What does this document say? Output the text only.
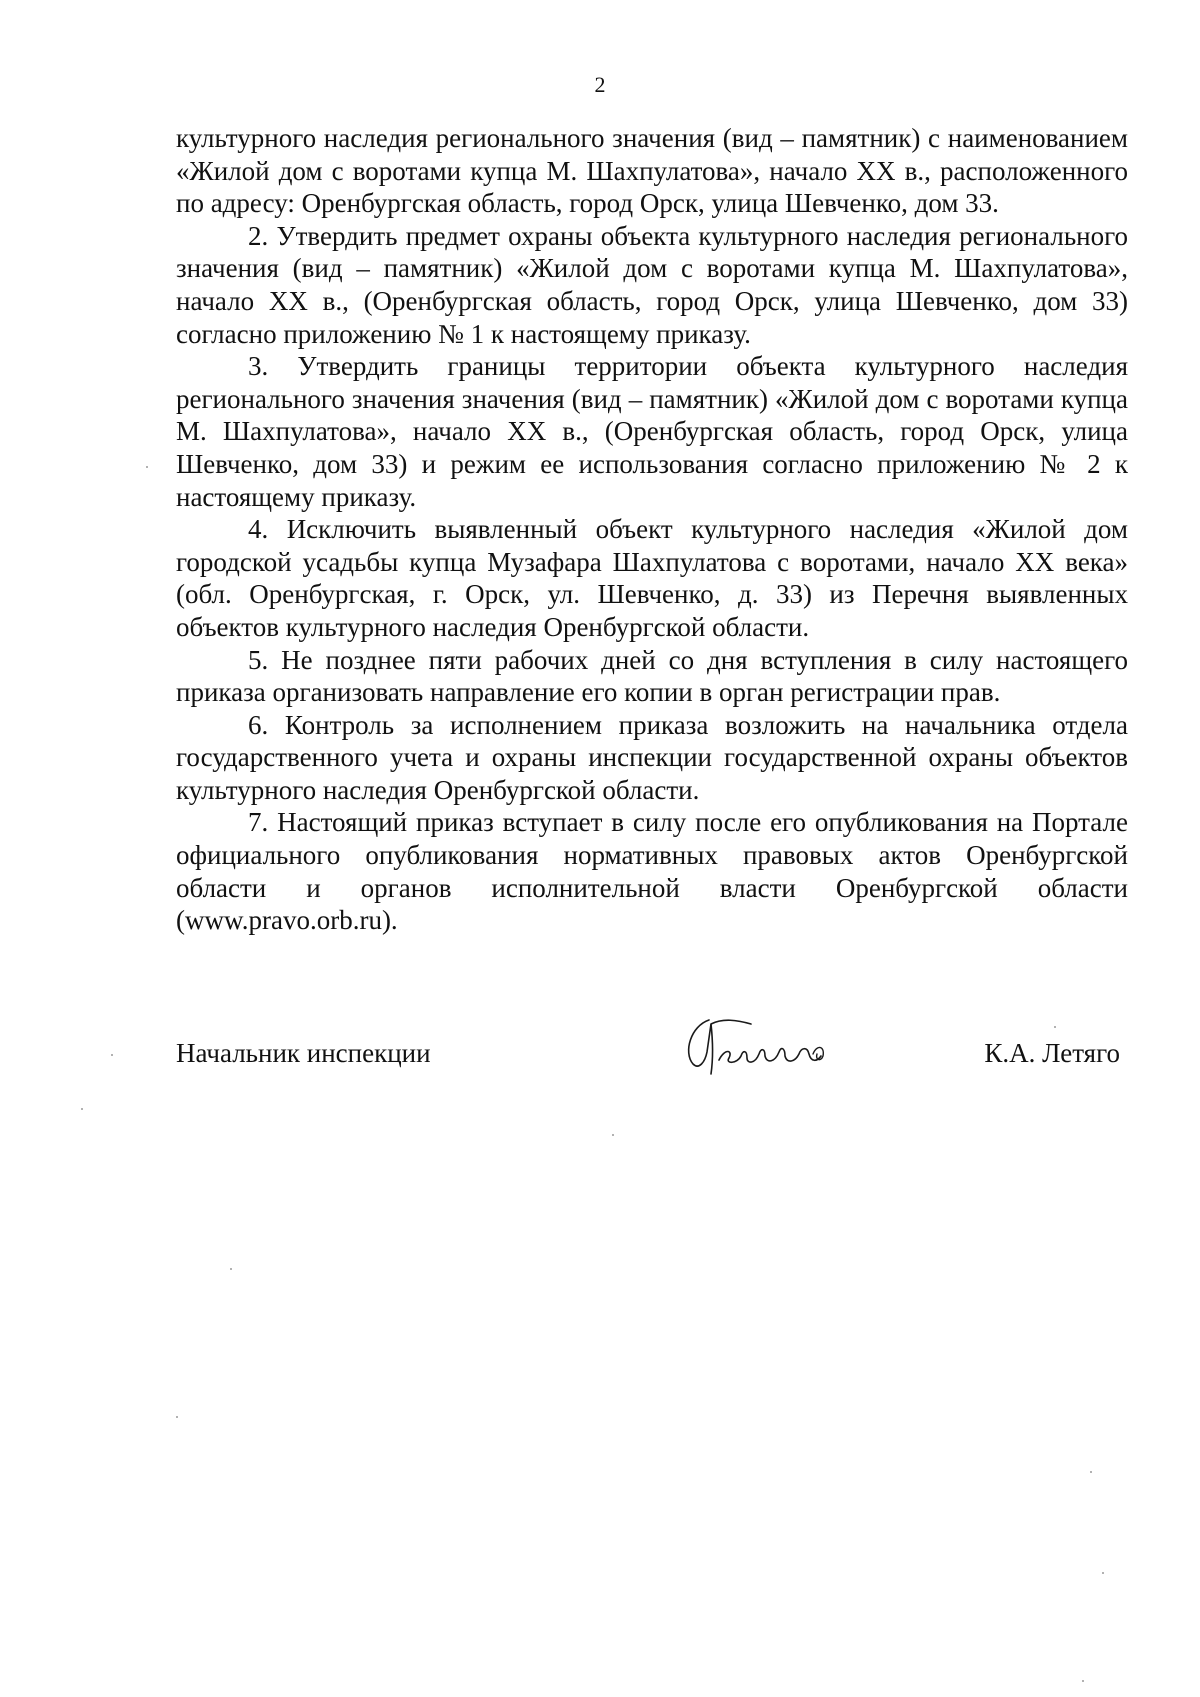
2

культурного наследия регионального значения (вид – памятник) с наименованием «Жилой дом с воротами купца М. Шахпулатова», начало XX в., расположенного по адресу: Оренбургская область, город Орск, улица Шевченко, дом 33.

2. Утвердить предмет охраны объекта культурного наследия регионального значения (вид – памятник) «Жилой дом с воротами купца М. Шахпулатова», начало XX в., (Оренбургская область, город Орск, улица Шевченко, дом 33) согласно приложению № 1 к настоящему приказу.

3. Утвердить границы территории объекта культурного наследия регионального значения значения (вид – памятник) «Жилой дом с воротами купца М. Шахпулатова», начало XX в., (Оренбургская область, город Орск, улица Шевченко, дом 33) и режим ее использования согласно приложению № 2 к настоящему приказу.

4. Исключить выявленный объект культурного наследия «Жилой дом городской усадьбы купца Музафара Шахпулатова с воротами, начало XX века» (обл. Оренбургская, г. Орск, ул. Шевченко, д. 33) из Перечня выявленных объектов культурного наследия Оренбургской области.

5. Не позднее пяти рабочих дней со дня вступления в силу настоящего приказа организовать направление его копии в орган регистрации прав.

6. Контроль за исполнением приказа возложить на начальника отдела государственного учета и охраны инспекции государственной охраны объектов культурного наследия Оренбургской области.

7. Настоящий приказ вступает в силу после его опубликования на Портале официального опубликования нормативных правовых актов Оренбургской области и органов исполнительной власти Оренбургской области (www.pravo.orb.ru).

Начальник инспекции	К.А. Летяго
